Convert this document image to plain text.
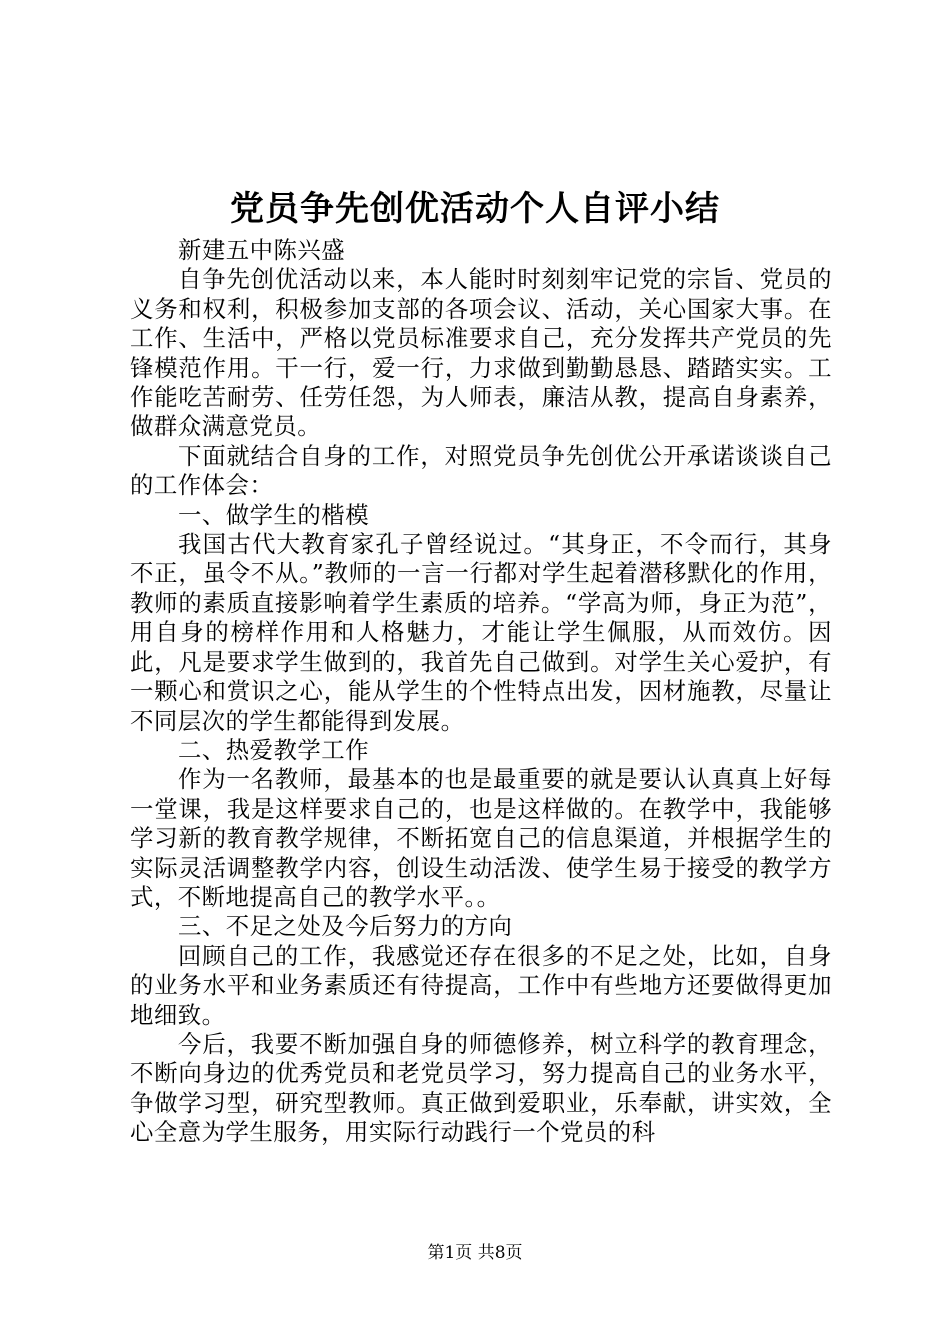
党员争先创优活动个人自评小结

新建五中陈兴盛

自争先创优活动以来，本人能时时刻刻牢记党的宗旨、党员的义务和权利，积极参加支部的各项会议、活动，关心国家大事。在工作、生活中，严格以党员标准要求自己，充分发挥共产党员的先锋模范作用。干一行，爱一行，力求做到勤勤恳恳、踏踏实实。工作能吃苦耐劳、任劳任怨，为人师表，廉洁从教，提高自身素养，做群众满意党员。

下面就结合自身的工作，对照党员争先创优公开承诺谈谈自己的工作体会：

一、做学生的楷模

我国古代大教育家孔子曾经说过。“其身正，不令而行，其身不正，虽令不从。”教师的一言一行都对学生起着潜移默化的作用，教师的素质直接影响着学生素质的培养。“学高为师，身正为范”，用自身的榜样作用和人格魅力，才能让学生佩服，从而效仿。因此，凡是要求学生做到的，我首先自己做到。对学生关心爱护，有一颗心和赏识之心，能从学生的个性特点出发，因材施教，尽量让不同层次的学生都能得到发展。

二、热爱教学工作

作为一名教师，最基本的也是最重要的就是要认认真真上好每一堂课，我是这样要求自己的，也是这样做的。在教学中，我能够学习新的教育教学规律，不断拓宽自己的信息渠道，并根据学生的实际灵活调整教学内容，创设生动活泼、使学生易于接受的教学方式，不断地提高自己的教学水平。。

三、不足之处及今后努力的方向

回顾自己的工作，我感觉还存在很多的不足之处，比如，自身的业务水平和业务素质还有待提高，工作中有些地方还要做得更加地细致。

今后，我要不断加强自身的师德修养，树立科学的教育理念，不断向身边的优秀党员和老党员学习，努力提高自己的业务水平，争做学习型，研究型教师。真正做到爱职业，乐奉献，讲实效，全心全意为学生服务，用实际行动践行一个党员的科

第1页 共8页
